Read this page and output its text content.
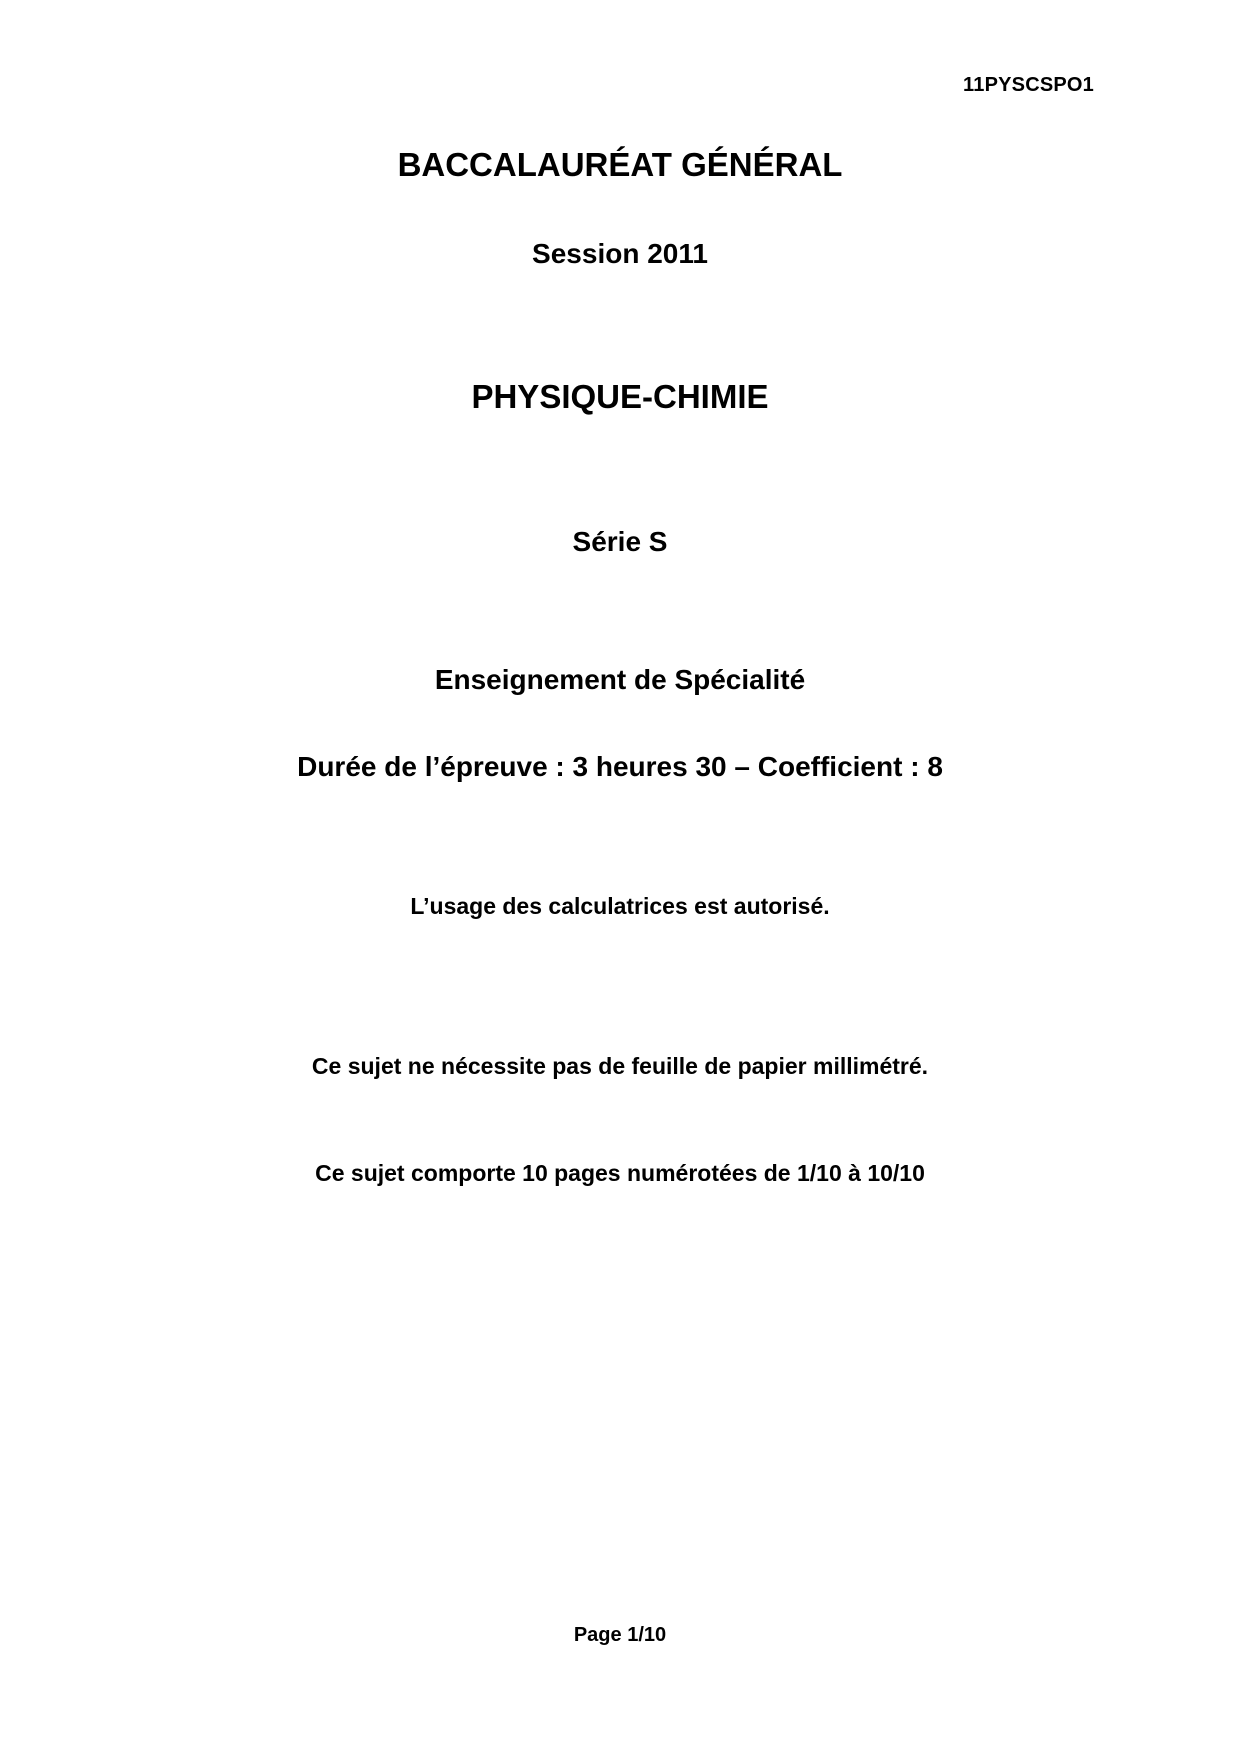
11PYSCSPO1
BACCALAURÉAT GÉNÉRAL
Session 2011
PHYSIQUE-CHIMIE
Série S
Enseignement de Spécialité
Durée de l’épreuve : 3 heures 30 – Coefficient : 8
L’usage des calculatrices est autorisé.
Ce sujet ne nécessite pas de feuille de papier millimétré.
Ce sujet comporte 10 pages numérotées de 1/10 à 10/10
Page 1/10
